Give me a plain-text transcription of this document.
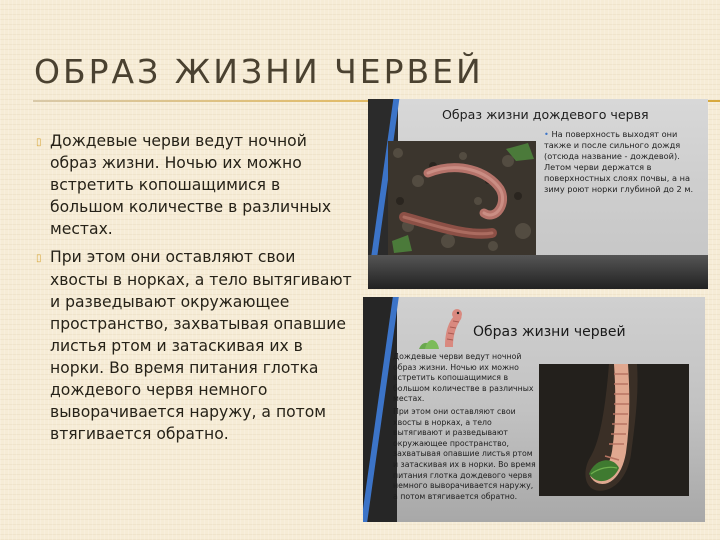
ОБРАЗ ЖИЗНИ ЧЕРВЕЙ
▯ Дождевые черви ведут ночной образ жизни. Ночью их можно встретить копошащимися в большом количестве в различных местах.
▯ При этом они оставляют свои хвосты в норках, а тело вытягивают и разведывают окружающее пространство, захватывая опавшие листья ртом и затаскивая их в норки. Во время питания глотка дождевого червя немного выворачивается наружу, а потом втягивается обратно.
Образ жизни дождевого червя

• На поверхность выходят они также и после сильного дождя (отсюда название - дождевой). Летом черви держатся в поверхностных слоях почвы, а на зиму роют норки глубиной до 2 м.

Образ жизни червей

Дождевые черви ведут ночной образ жизни. Ночью их можно встретить копошащимися в большом количестве в различных местах.

При этом они оставляют свои хвосты в норках, а тело вытягивают и разведывают окружающее пространство, захватывая опавшие листья ртом и затаскивая их в норки. Во время питания глотка дождевого червя немного выворачивается наружу, а потом втягивается обратно.
